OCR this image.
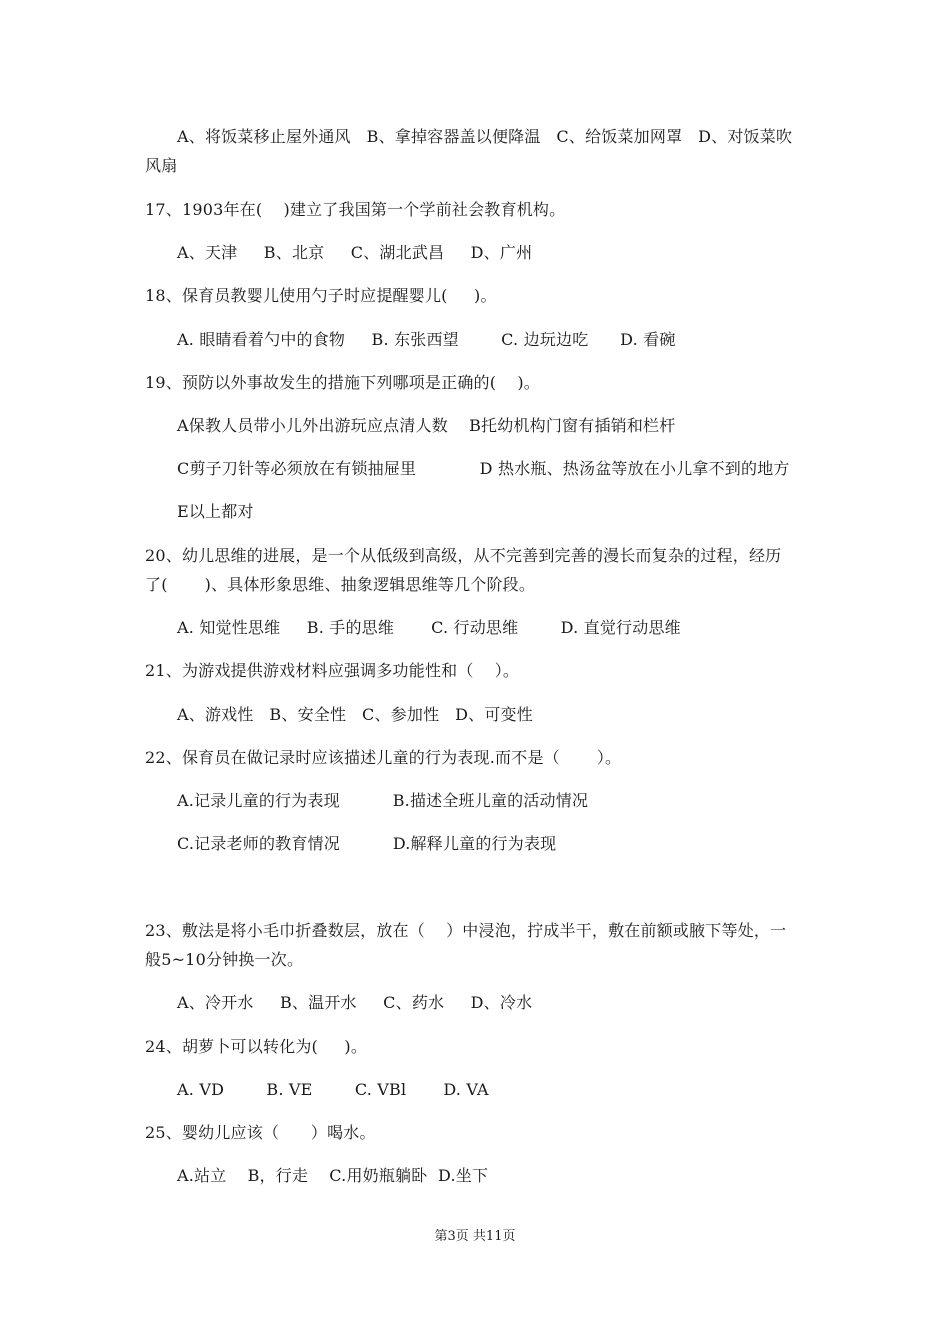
A、将饭菜移止屋外通风   B、拿掉容器盖以便降温   C、给饭菜加网罩   D、对饭菜吹
风扇
17、1903年在(    )建立了我国第一个学前社会教育机构。
A、天津     B、北京     C、湖北武昌     D、广州
18、保育员教婴儿使用勺子时应提醒婴儿(     )。
A. 眼睛看着勺中的食物     B. 东张西望        C. 边玩边吃      D. 看碗
19、预防以外事故发生的措施下列哪项是正确的(    )。
A保教人员带小儿外出游玩应点清人数    B托幼机构门窗有插销和栏杆
C剪子刀针等必须放在有锁抽屉里            D 热水瓶、热汤盆等放在小儿拿不到的地方
E以上都对
20、幼儿思维的进展，是一个从低级到高级，从不完善到完善的漫长而复杂的过程，经历
了(       )、具体形象思维、抽象逻辑思维等几个阶段。
A. 知觉性思维     B. 手的思维       C. 行动思维        D. 直觉行动思维
21、为游戏提供游戏材料应强调多功能性和（    ）。
A、游戏性   B、安全性   C、参加性   D、可变性
22、保育员在做记录时应该描述儿童的行为表现.而不是（       ）。
A.记录儿童的行为表现          B.描述全班儿童的活动情况
C.记录老师的教育情况          D.解释儿童的行为表现
23、敷法是将小毛巾折叠数层，放在（    ）中浸泡，拧成半干，敷在前额或腋下等处，一
般5~10分钟换一次。
A、冷开水     B、温开水     C、药水     D、冷水
24、胡萝卜可以转化为(     )。
A. VD        B. VE        C. VBl       D. VA
25、婴幼儿应该（      ）喝水。
A.站立    B，行走    C.用奶瓶躺卧  D.坐下
第3页 共11页
